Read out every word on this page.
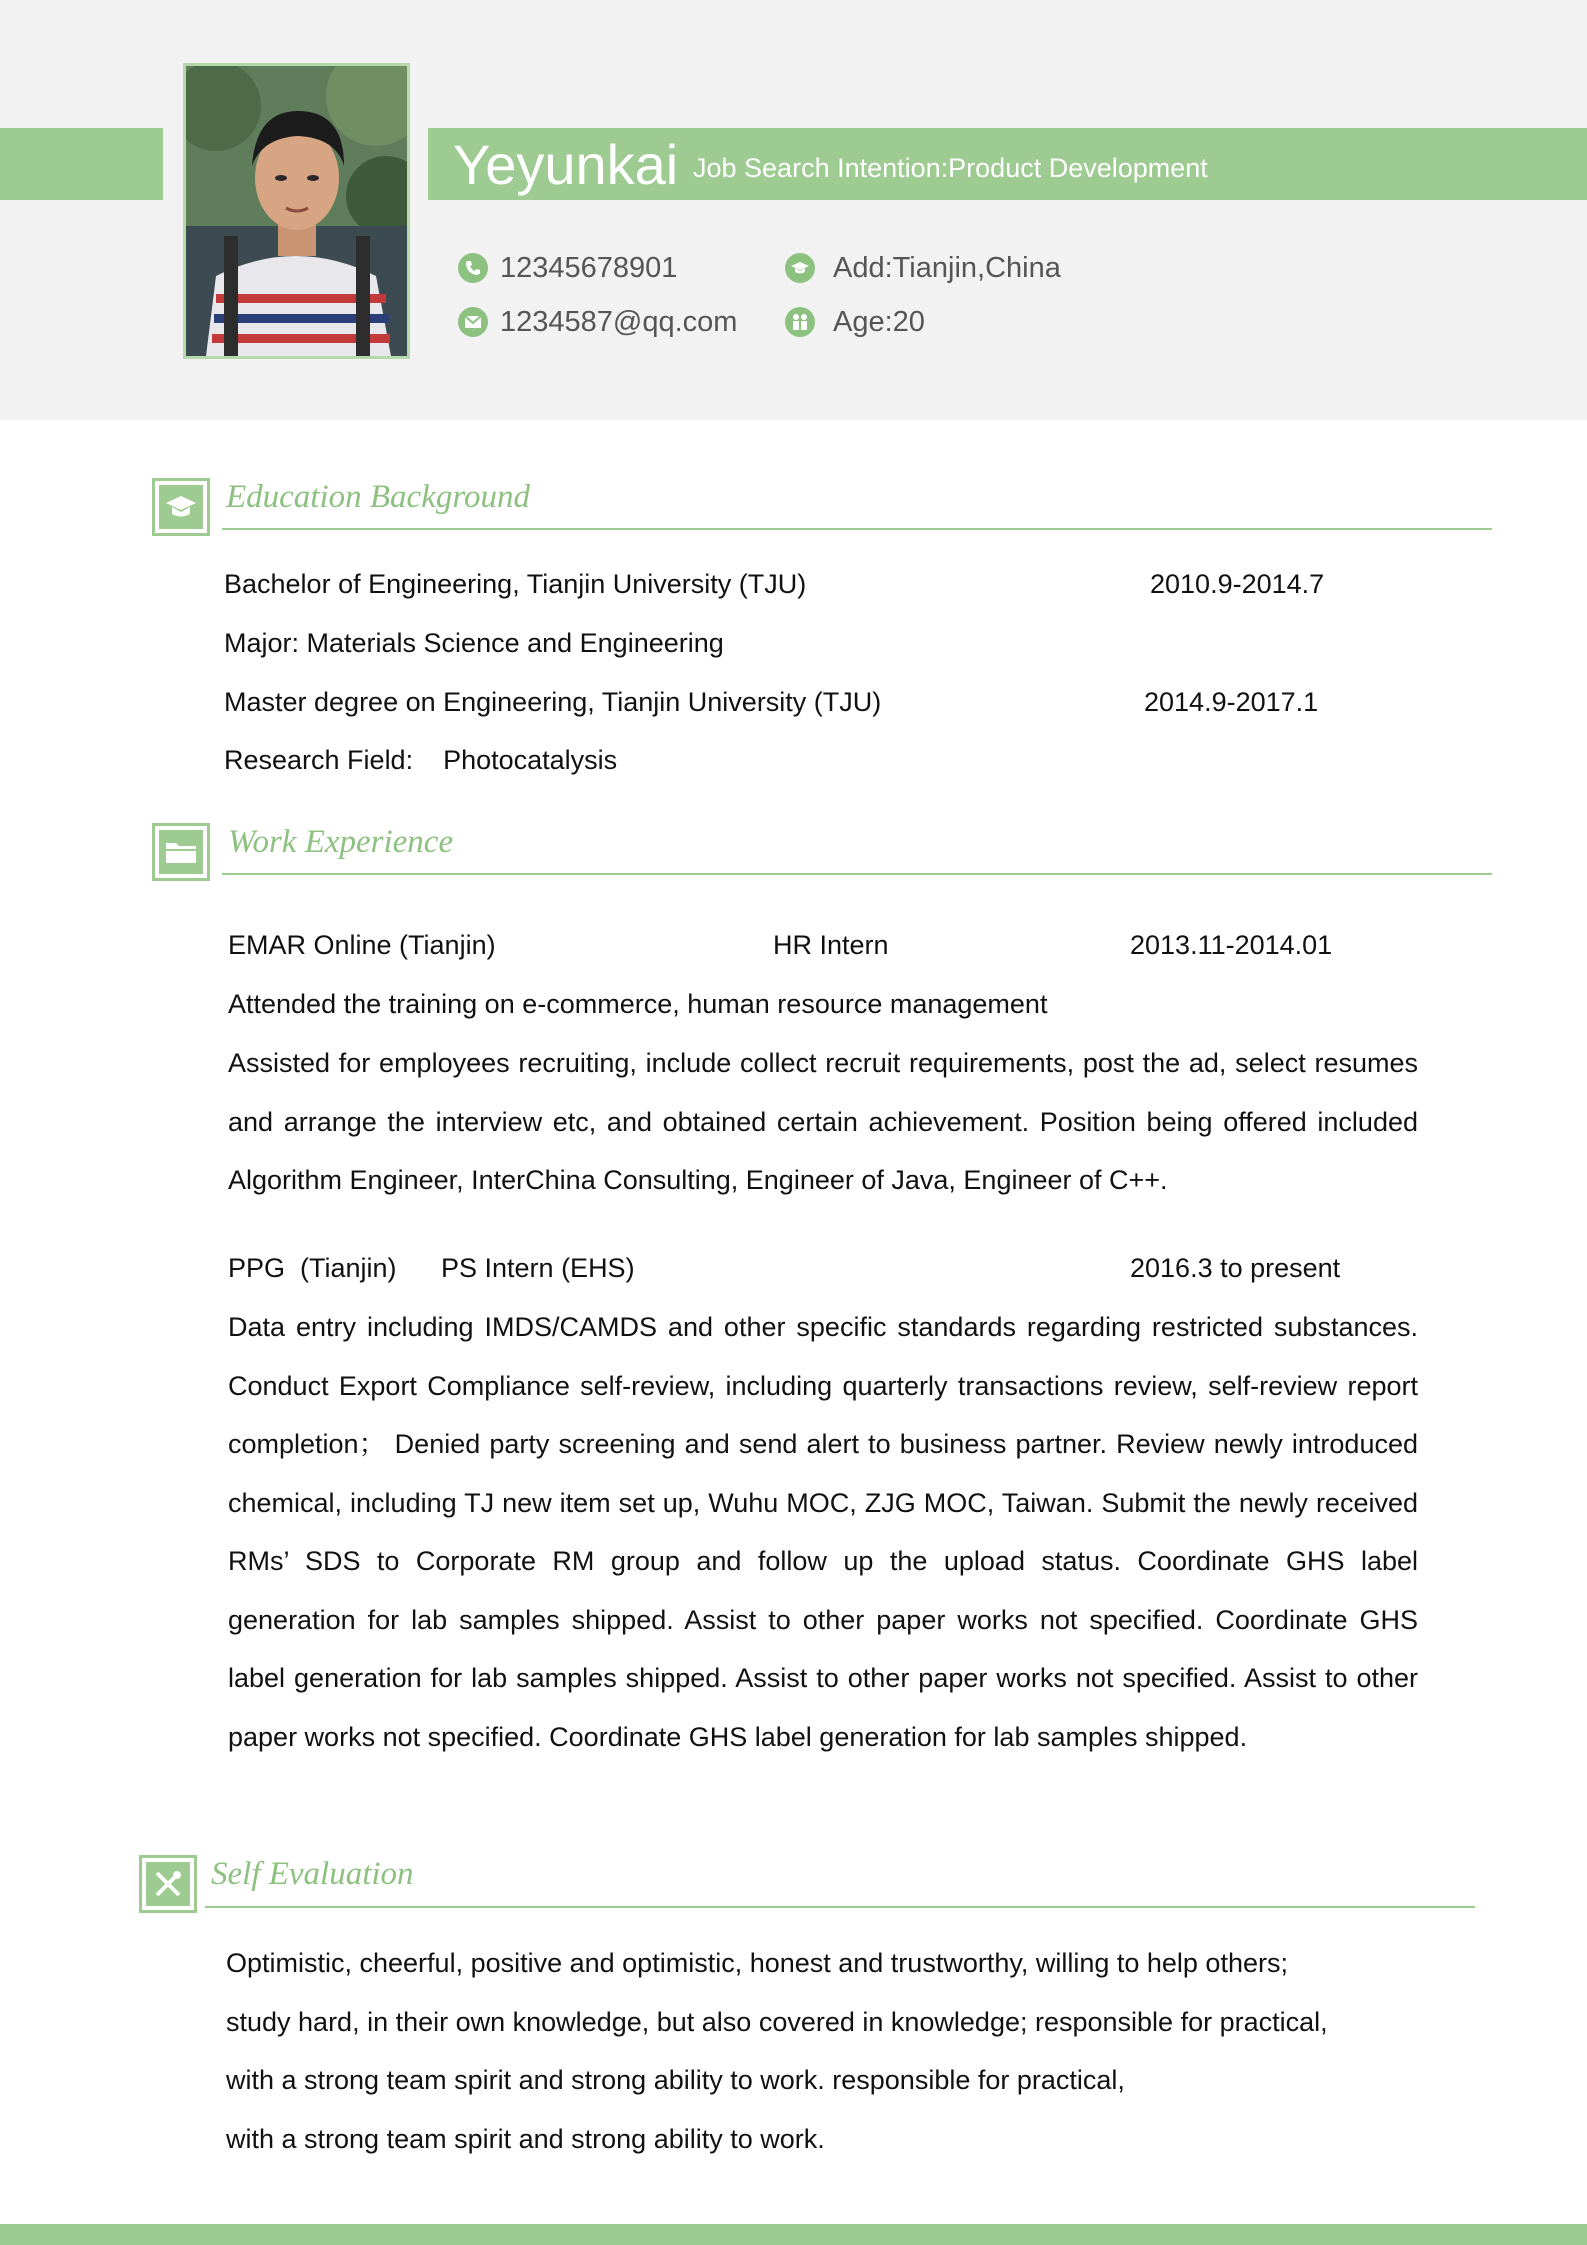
Yeyunkai Job Search Intention:Product Development
12345678901
1234587@qq.com
Add:Tianjin,China
Age:20
Education Background
Bachelor of Engineering, Tianjin University (TJU)	2010.9-2014.7
Major: Materials Science and Engineering
Master degree on Engineering, Tianjin University (TJU)	2014.9-2017.1
Research Field:    Photocatalysis
Work Experience
EMAR Online (Tianjin)	HR Intern	2013.11-2014.01
Attended the training on e-commerce, human resource management
Assisted for employees recruiting, include collect recruit requirements, post the ad, select resumes and arrange the interview etc, and obtained certain achievement. Position being offered included Algorithm Engineer, InterChina Consulting, Engineer of Java, Engineer of C++.
PPG  (Tianjin) PS Intern (EHS)	2016.3 to present
Data entry including IMDS/CAMDS and other specific standards regarding restricted substances. Conduct Export Compliance self-review, including quarterly transactions review, self-review report completion； Denied party screening and send alert to business partner. Review newly introduced chemical, including TJ new item set up, Wuhu MOC, ZJG MOC, Taiwan. Submit the newly received RMs’ SDS to Corporate RM group and follow up the upload status. Coordinate GHS label generation for lab samples shipped. Assist to other paper works not specified. Coordinate GHS label generation for lab samples shipped. Assist to other paper works not specified. Assist to other paper works not specified. Coordinate GHS label generation for lab samples shipped.
Self Evaluation
Optimistic, cheerful, positive and optimistic, honest and trustworthy, willing to help others;
study hard, in their own knowledge, but also covered in knowledge; responsible for practical,
with a strong team spirit and strong ability to work. responsible for practical,
with a strong team spirit and strong ability to work.
